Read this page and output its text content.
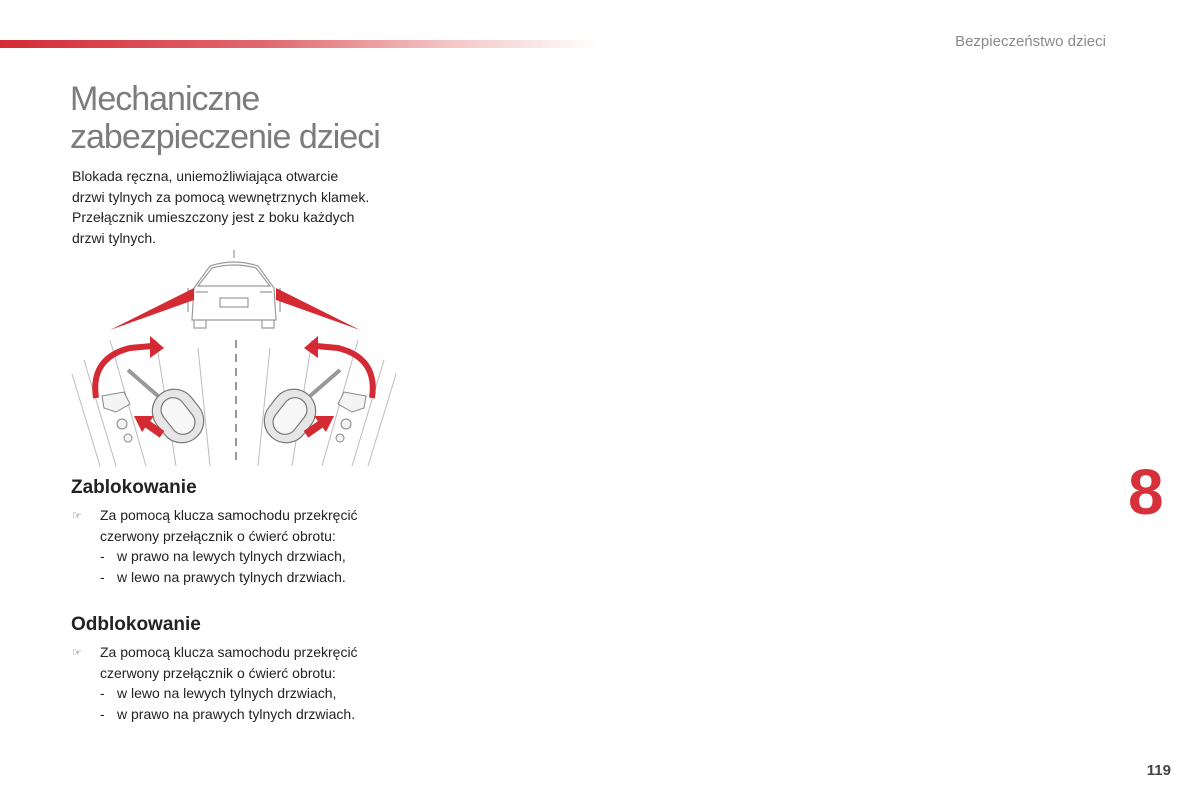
Bezpieczeństwo dzieci
Mechaniczne
zabezpieczenie dzieci

Blokada ręczna, uniemożliwiająca otwarcie
drzwi tylnych za pomocą wewnętrznych klamek.
Przełącznik umieszczony jest z boku każdych
drzwi tylnych.

Zablokowanie
☞ Za pomocą klucza samochodu przekręcić
czerwony przełącznik o ćwierć obrotu:
- w prawo na lewych tylnych drzwiach,
- w lewo na prawych tylnych drzwiach.
Odblokowanie
☞ Za pomocą klucza samochodu przekręcić
czerwony przełącznik o ćwierć obrotu:
- w lewo na lewych tylnych drzwiach,
- w prawo na prawych tylnych drzwiach.
8
119
